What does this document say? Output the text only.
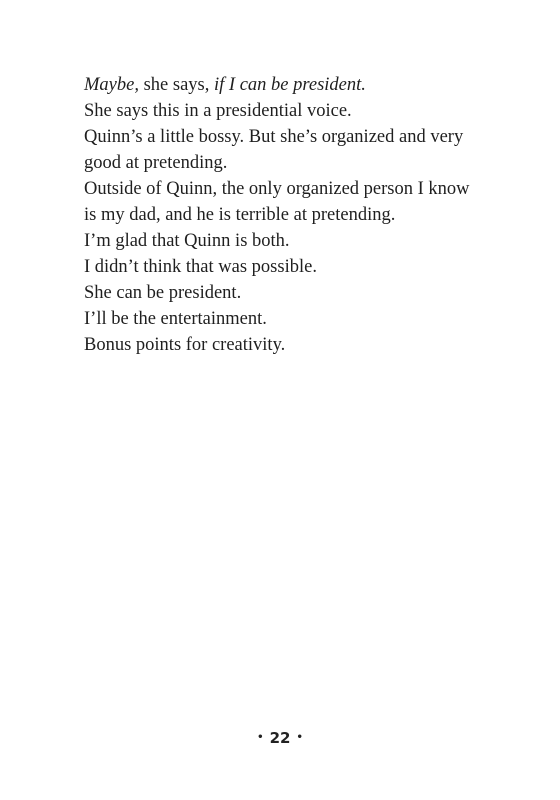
Maybe, she says, if I can be president.

She says this in a presidential voice.

Quinn’s a little bossy. But she’s organized and very good at pretending.

Outside of Quinn, the only organized person I know is my dad, and he is terrible at pretending.

I’m glad that Quinn is both.

I didn’t think that was possible.

She can be president.

I’ll be the entertainment.

Bonus points for creativity.

• 22 •
